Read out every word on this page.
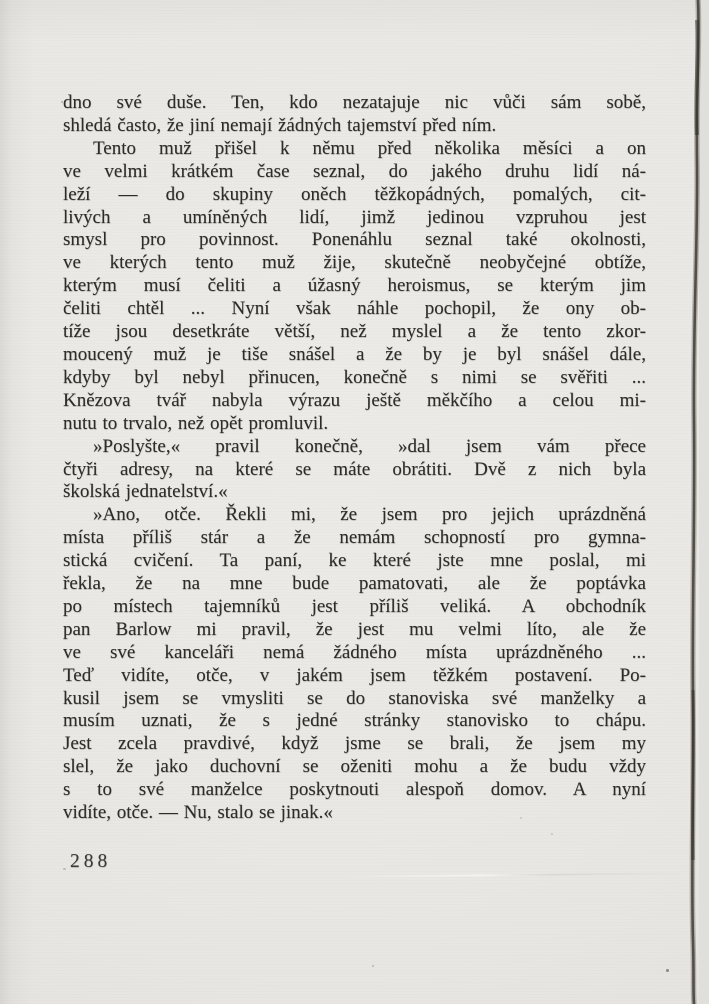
dno své duše. Ten, kdo nezatajuje nic vůči sám sobě,
shledá často, že jiní nemají žádných tajemství před ním.
Tento muž přišel k němu před několika měsíci a on
ve velmi krátkém čase seznal, do jakého druhu lidí ná-
leží — do skupiny oněch těžkopádných, pomalých, cit-
livých a umíněných lidí, jimž jedinou vzpruhou jest
smysl pro povinnost. Ponenáhlu seznal také okolnosti,
ve kterých tento muž žije, skutečně neobyčejné obtíže,
kterým musí čeliti a úžasný heroismus, se kterým jim
čeliti chtěl ... Nyní však náhle pochopil, že ony ob-
tíže jsou desetkráte větší, než myslel a že tento zkor-
moucený muž je tiše snášel a že by je byl snášel dále,
kdyby byl nebyl přinucen, konečně s nimi se svěřiti ...
Knězova tvář nabyla výrazu ještě měkčího a celou mi-
nutu to trvalo, než opět promluvil.
»Poslyšte,« pravil konečně, »dal jsem vám přece
čtyři adresy, na které se máte obrátiti. Dvě z nich byla
školská jednatelství.«
»Ano, otče. Řekli mi, že jsem pro jejich uprázdněná
místa příliš stár a že nemám schopností pro gymna-
stická cvičení. Ta paní, ke které jste mne poslal, mi
řekla, že na mne bude pamatovati, ale že poptávka
po místech tajemníků jest příliš veliká. A obchodník
pan Barlow mi pravil, že jest mu velmi líto, ale že
ve své kanceláři nemá žádného místa uprázdněného ...
Teď vidíte, otče, v jakém jsem těžkém postavení. Po-
kusil jsem se vmysliti se do stanoviska své manželky a
musím uznati, že s jedné stránky stanovisko to chápu.
Jest zcela pravdivé, když jsme se brali, že jsem my
slel, že jako duchovní se oženiti mohu a že budu vždy
s to své manželce poskytnouti alespoň domov. A nyní
vidíte, otče. — Nu, stalo se jinak.«
288
